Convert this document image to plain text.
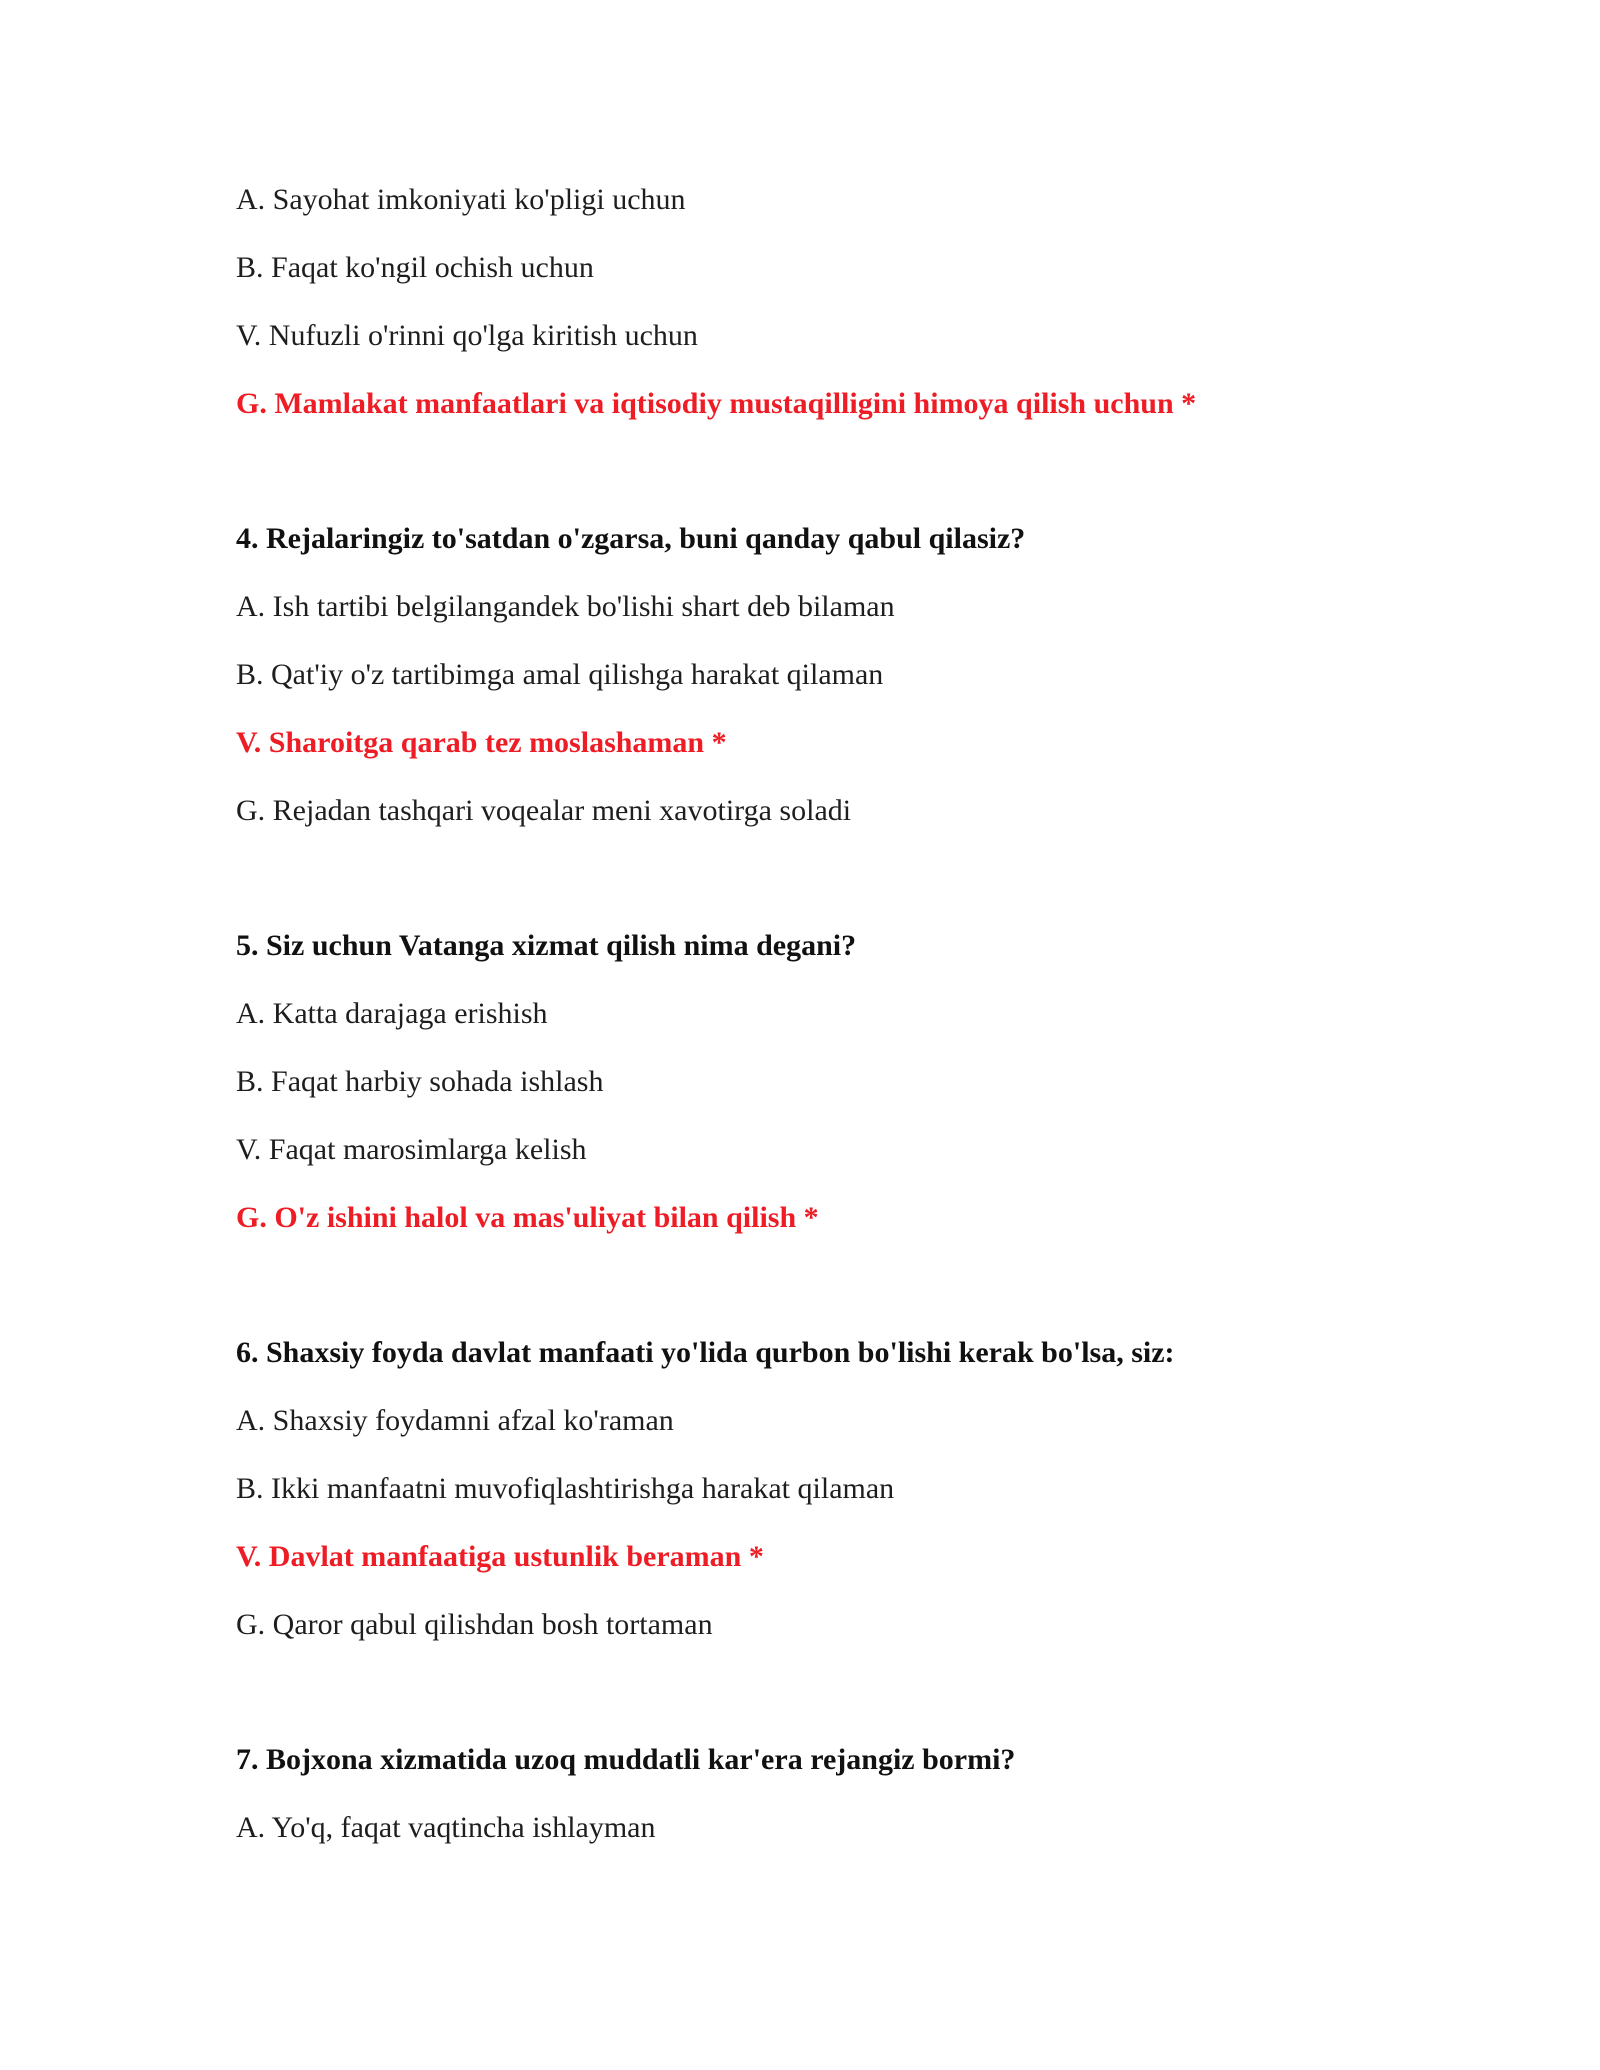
A. Sayohat imkoniyati ko'pligi uchun
B. Faqat ko'ngil ochish uchun
V. Nufuzli o'rinni qo'lga kiritish uchun
G. Mamlakat manfaatlari va iqtisodiy mustaqilligini himoya qilish uchun *
4. Rejalaringiz to'satdan o'zgarsa, buni qanday qabul qilasiz?
A. Ish tartibi belgilangandek bo'lishi shart deb bilaman
B. Qat'iy o'z tartibimga amal qilishga harakat qilaman
V. Sharoitga qarab tez moslashaman *
G. Rejadan tashqari voqealar meni xavotirga soladi
5. Siz uchun Vatanga xizmat qilish nima degani?
A. Katta darajaga erishish
B. Faqat harbiy sohada ishlash
V. Faqat marosimlarga kelish
G. O'z ishini halol va mas'uliyat bilan qilish *
6. Shaxsiy foyda davlat manfaati yo'lida qurbon bo'lishi kerak bo'lsa, siz:
A. Shaxsiy foydamni afzal ko'raman
B. Ikki manfaatni muvofiqlashtirishga harakat qilaman
V. Davlat manfaatiga ustunlik beraman *
G. Qaror qabul qilishdan bosh tortaman
7. Bojxona xizmatida uzoq muddatli kar'era rejangiz bormi?
A. Yo'q, faqat vaqtincha ishlayman
